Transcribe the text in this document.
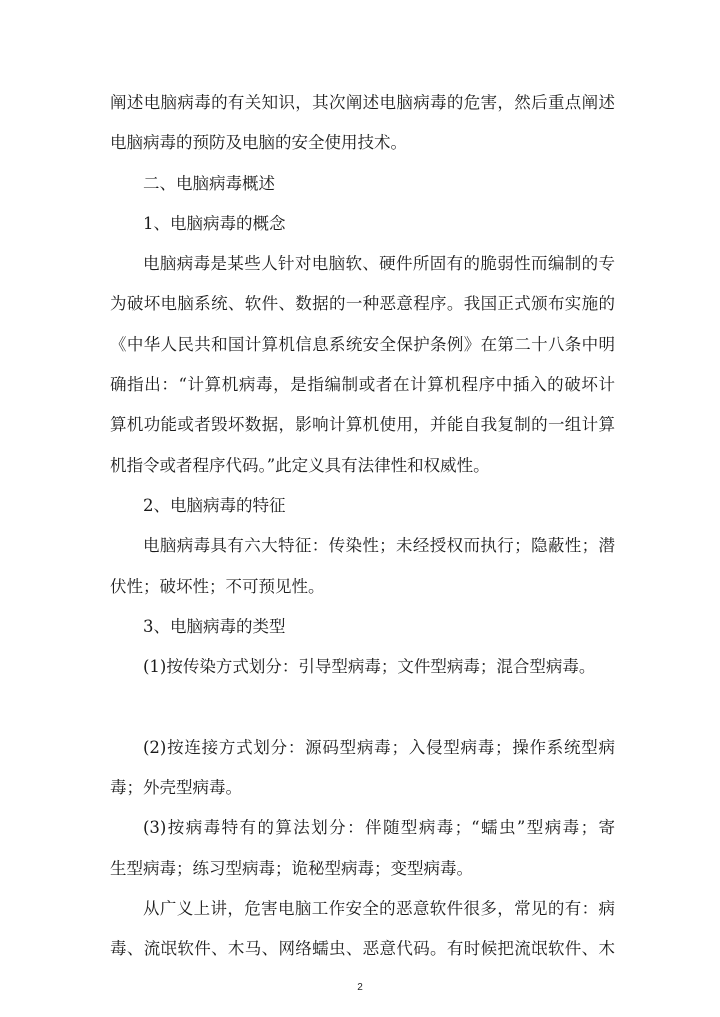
阐述电脑病毒的有关知识，其次阐述电脑病毒的危害，然后重点阐述
电脑病毒的预防及电脑的安全使用技术。
二、电脑病毒概述
1、电脑病毒的概念
电脑病毒是某些人针对电脑软、硬件所固有的脆弱性而编制的专
为破坏电脑系统、软件、数据的一种恶意程序。我国正式颁布实施的
《中华人民共和国计算机信息系统安全保护条例》在第二十八条中明
确指出：“计算机病毒，是指编制或者在计算机程序中插入的破坏计
算机功能或者毁坏数据，影响计算机使用，并能自我复制的一组计算
机指令或者程序代码。”此定义具有法律性和权威性。
2、电脑病毒的特征
电脑病毒具有六大特征：传染性；未经授权而执行；隐蔽性；潜
伏性；破坏性；不可预见性。
3、电脑病毒的类型
(1)按传染方式划分：引导型病毒；文件型病毒；混合型病毒。
(2)按连接方式划分：源码型病毒；入侵型病毒；操作系统型病
毒；外壳型病毒。
(3)按病毒特有的算法划分：伴随型病毒；“蠕虫”型病毒；寄
生型病毒；练习型病毒；诡秘型病毒；变型病毒。
从广义上讲，危害电脑工作安全的恶意软件很多，常见的有：病
毒、流氓软件、木马、网络蠕虫、恶意代码。有时候把流氓软件、木
2
